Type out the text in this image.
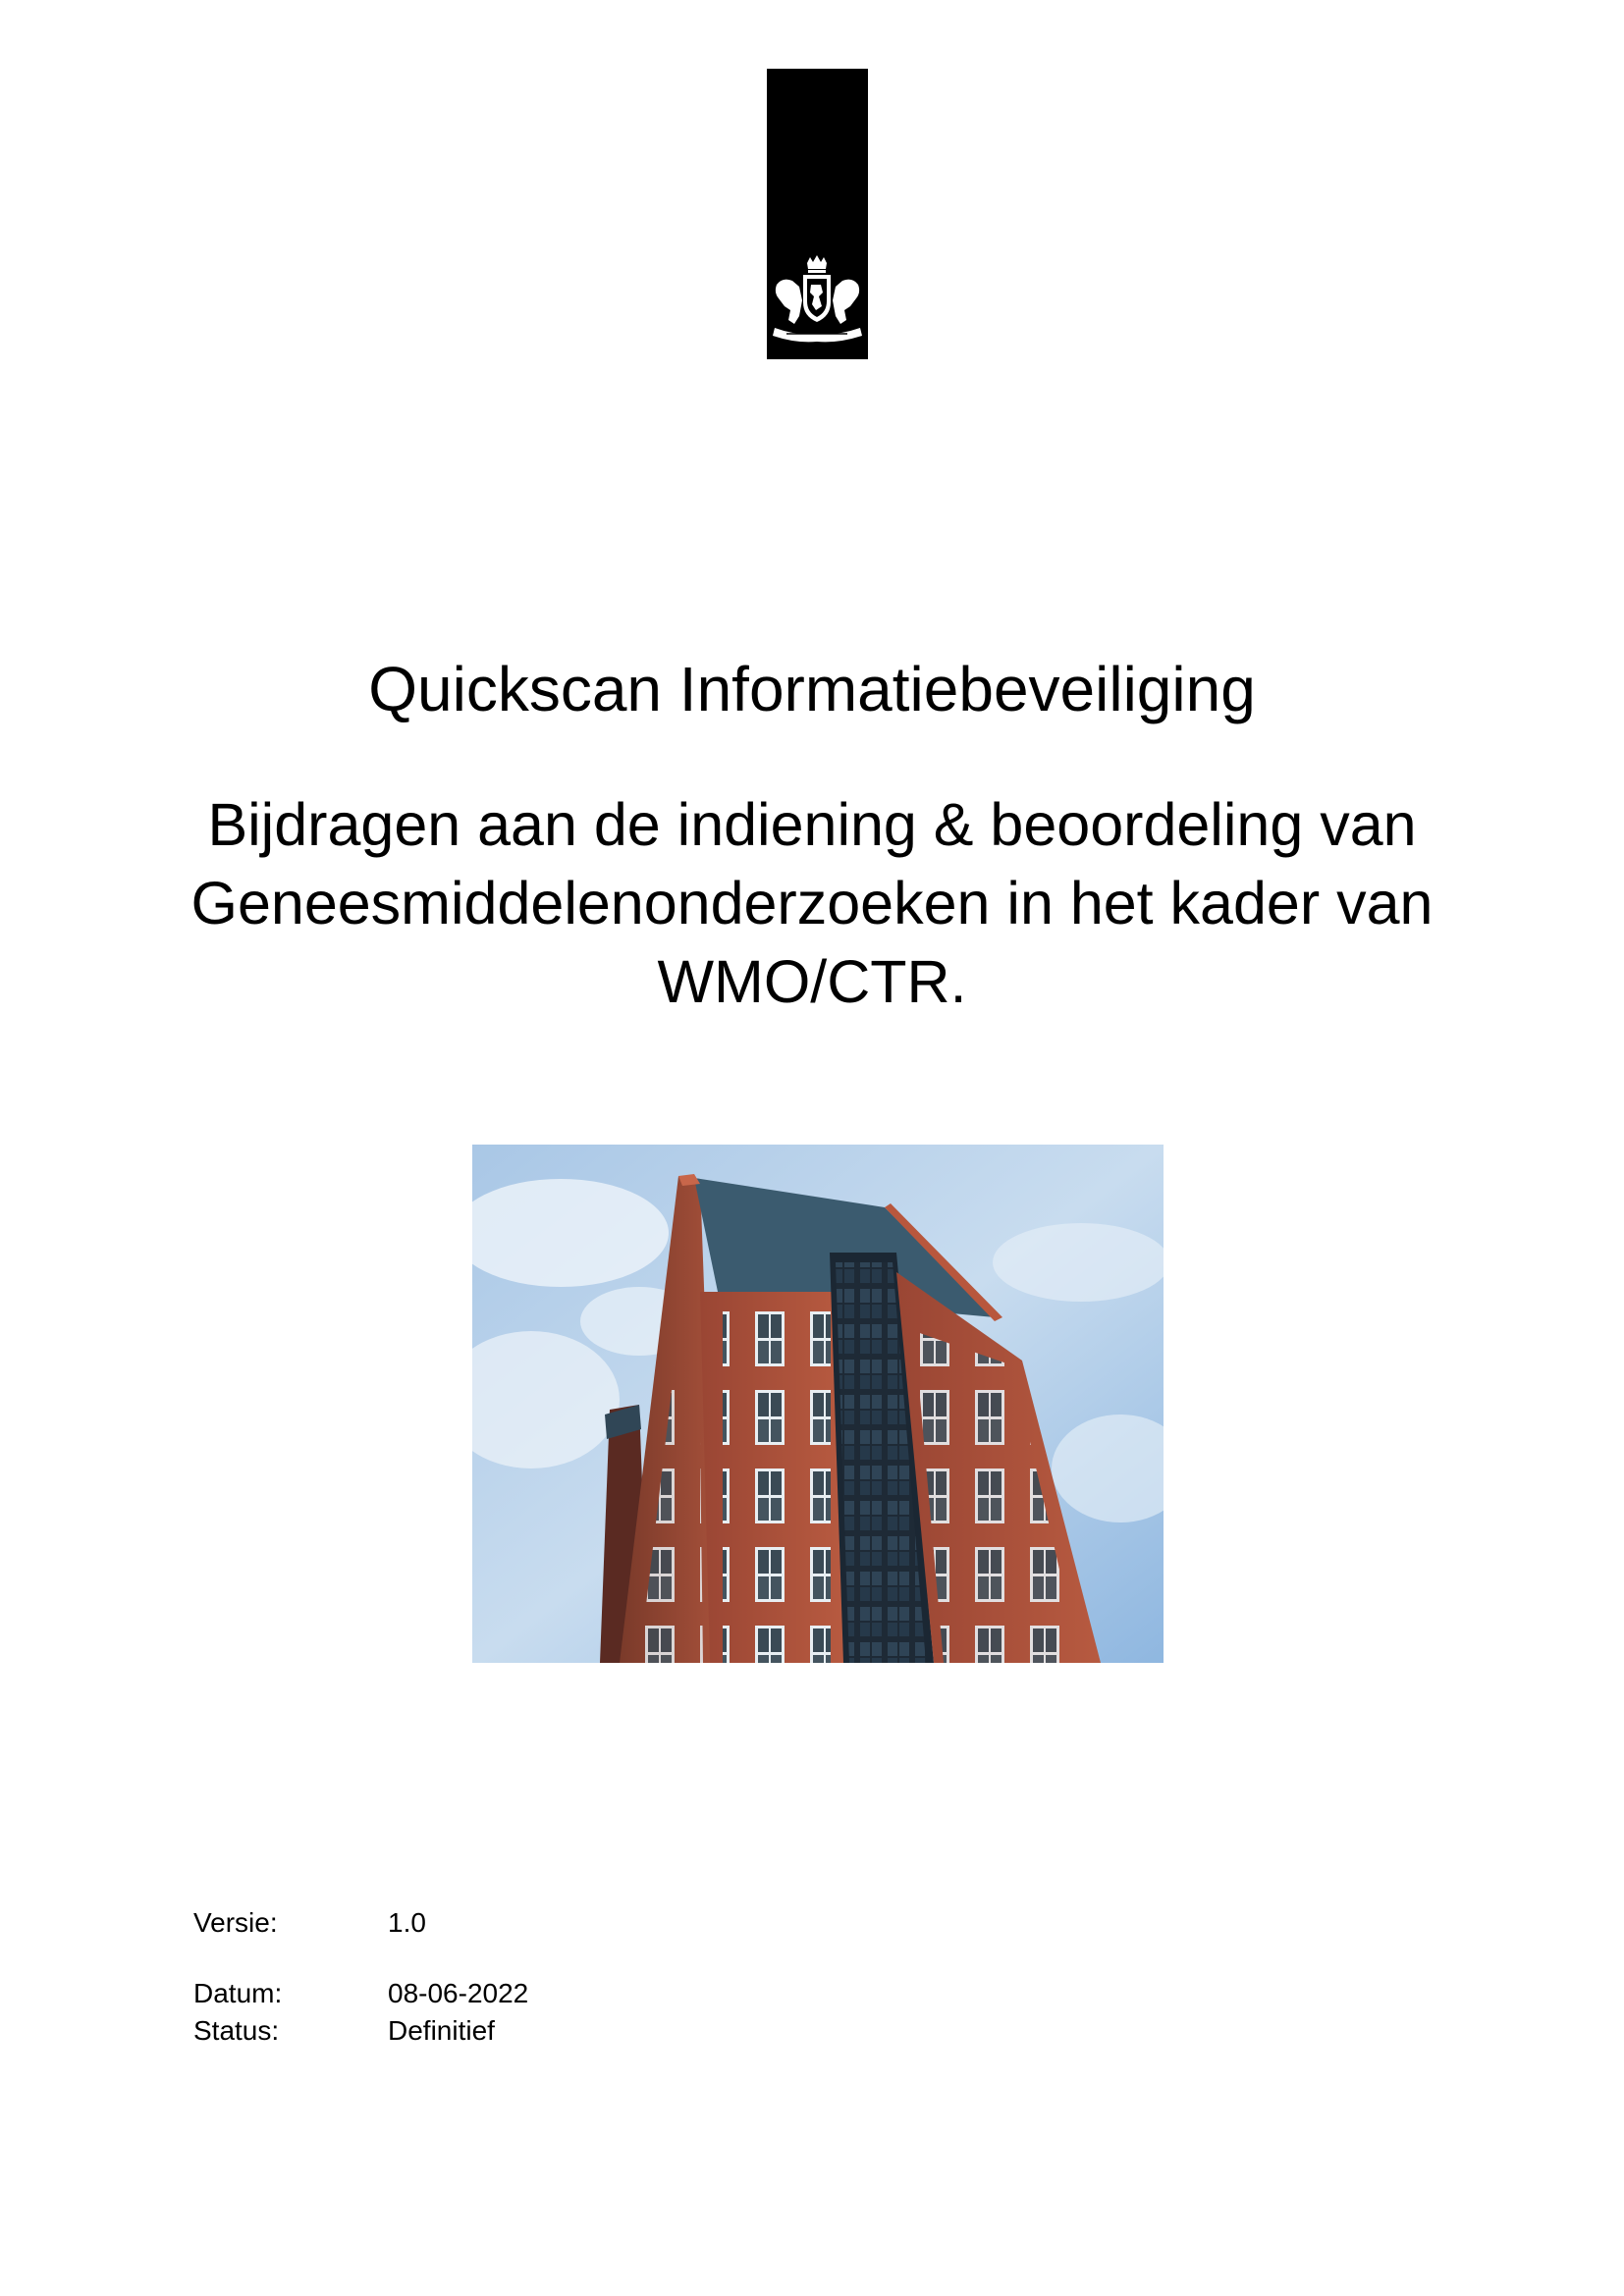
Quickscan Informatiebeveiliging
Bijdragen aan de indiening & beoordeling van
Geneesmiddelenonderzoeken in het kader van
WMO/CTR.
Versie:	1.0
Datum:	08-06-2022
Status:	Definitief
